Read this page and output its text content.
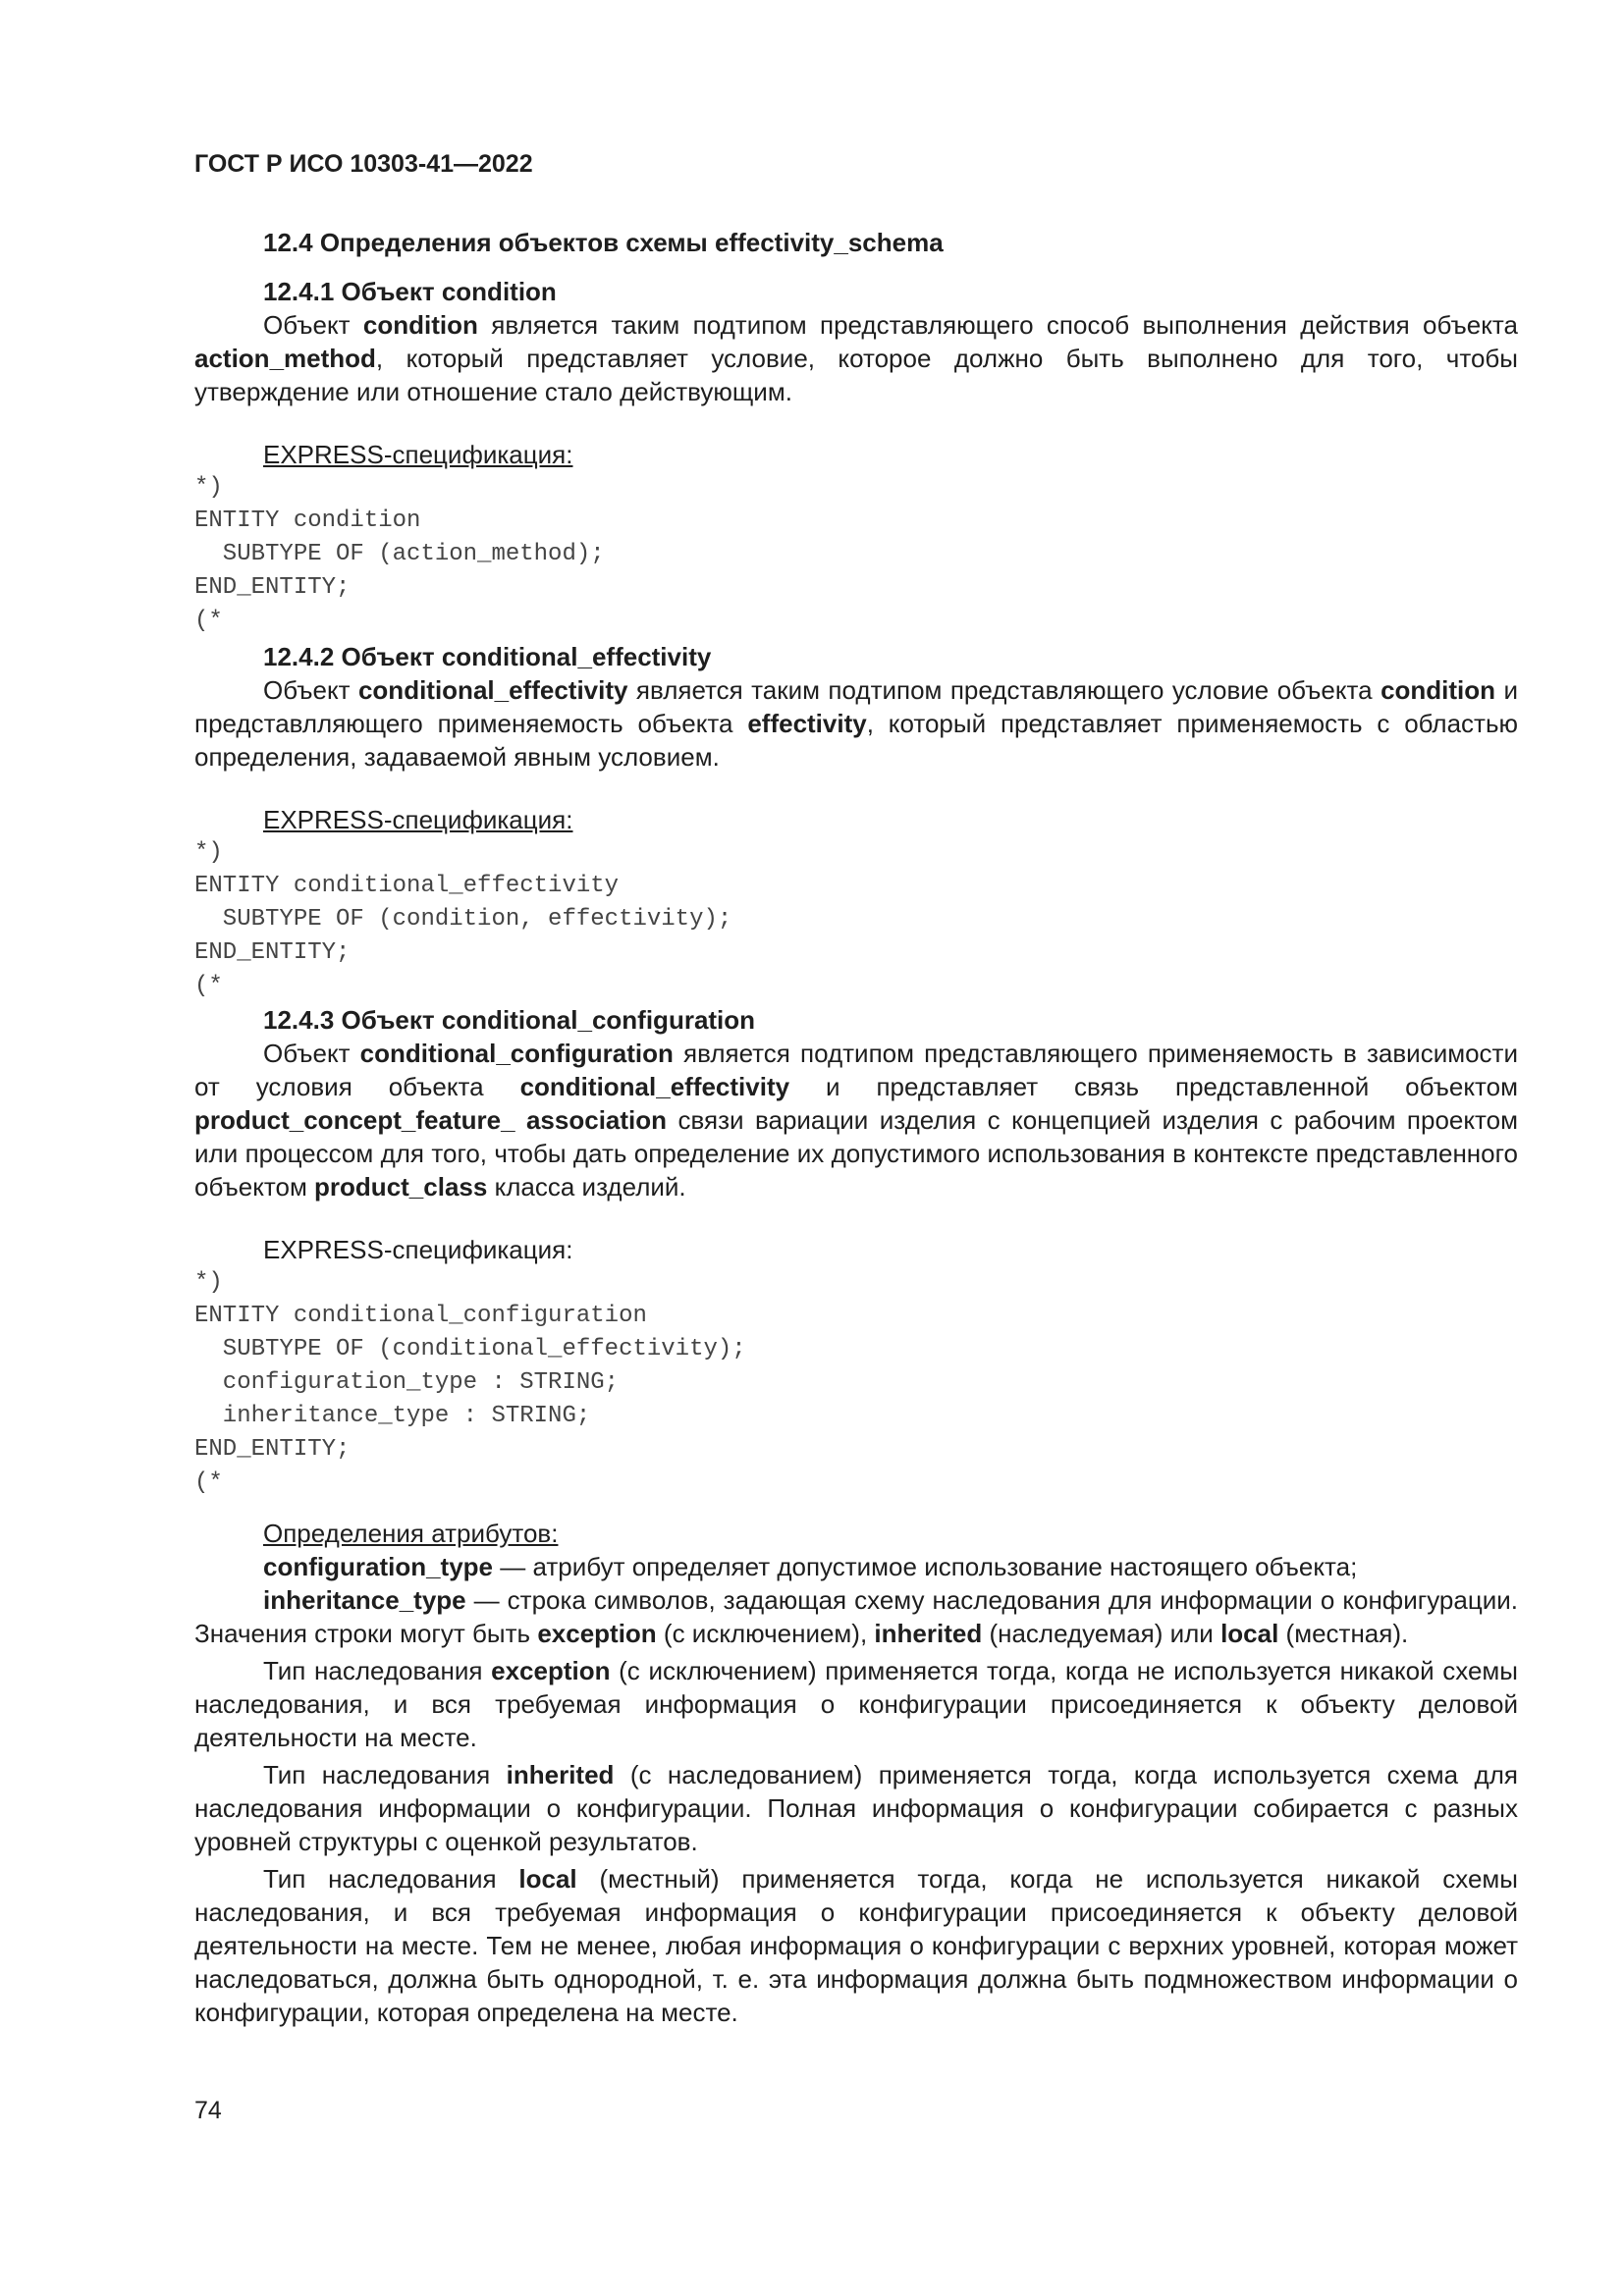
ГОСТ Р ИСО 10303-41—2022
12.4 Определения объектов схемы effectivity_schema
12.4.1 Объект condition

Объект condition является таким подтипом представляющего способ выполнения действия объекта action_method, который представляет условие, которое должно быть выполнено для того, чтобы утверждение или отношение стало действующим.

EXPRESS-спецификация:
*)
ENTITY condition
SUBTYPE OF (action_method);
END_ENTITY;
(*
12.4.2 Объект conditional_effectivity

Объект conditional_effectivity является таким подтипом представляющего условие объекта condition и представлляющего применяемость объекта effectivity, который представляет применяемость с областью определения, задаваемой явным условием.

EXPRESS-спецификация:
*)
ENTITY conditional_effectivity
SUBTYPE OF (condition, effectivity);
END_ENTITY;
(*
12.4.3 Объект conditional_configuration

Объект conditional_configuration является подтипом представляющего применяемость в зависимости от условия объекта conditional_effectivity и представляет связь представленной объектом product_concept_feature_ association связи вариации изделия с концепцией изделия с рабочим проектом или процессом для того, чтобы дать определение их допустимого использования в контексте представленного объектом product_class класса изделий.

EXPRESS-спецификация:
*)
ENTITY conditional_configuration
SUBTYPE OF (conditional_effectivity);
configuration_type : STRING;
inheritance_type : STRING;
END_ENTITY;
(*
Определения атрибутов:

configuration_type — атрибут определяет допустимое использование настоящего объекта;

inheritance_type — строка символов, задающая схему наследования для информации о конфигурации. Значения строки могут быть exception (с исключением), inherited (наследуемая) или local (местная).

Тип наследования exception (с исключением) применяется тогда, когда не используется никакой схемы наследования, и вся требуемая информация о конфигурации присоединяется к объекту деловой деятельности на месте.

Тип наследования inherited (с наследованием) применяется тогда, когда используется схема для наследования информации о конфигурации. Полная информация о конфигурации собирается с разных уровней структуры с оценкой результатов.

Тип наследования local (местный) применяется тогда, когда не используется никакой схемы наследования, и вся требуемая информация о конфигурации присоединяется к объекту деловой деятельности на месте. Тем не менее, любая информация о конфигурации с верхних уровней, которая может наследоваться, должна быть однородной, т. е. эта информация должна быть подмножеством информации о конфигурации, которая определена на месте.

74
